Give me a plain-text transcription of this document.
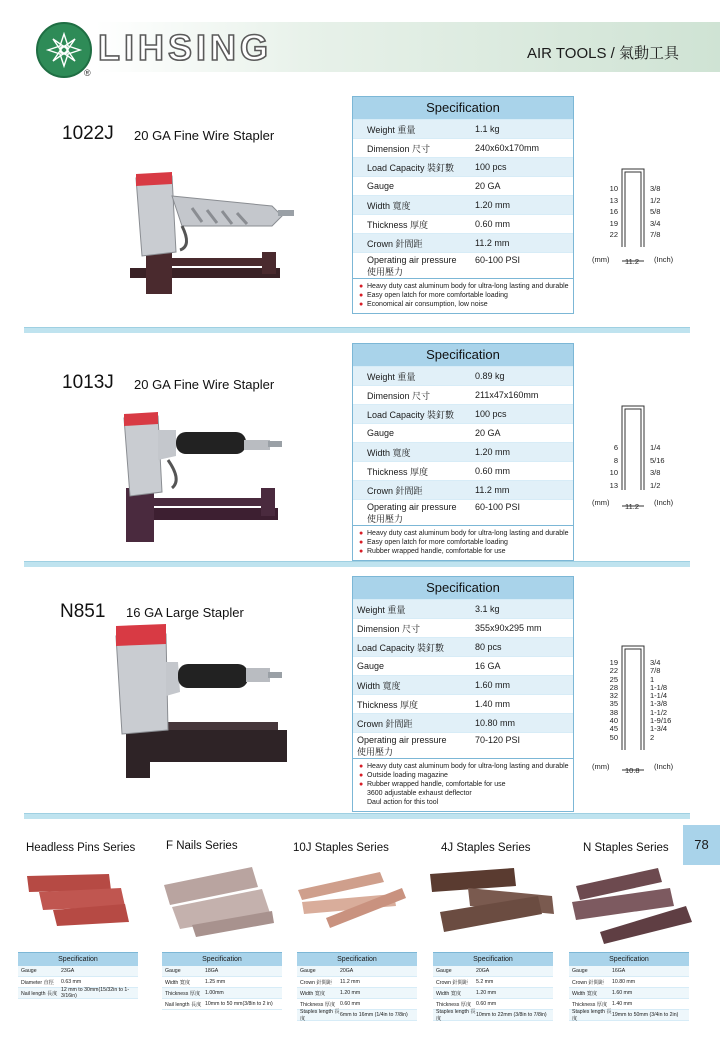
LIHSING
®
AIR TOOLS / 氣動工具
1022J 20 GA Fine Wire Stapler
Specification
Weight 重量	1.1 kg
Dimension 尺寸	240x60x170mm
Load Capacity 裝釘數	100 pcs
Gauge	20 GA
Width 寬度	1.20 mm
Thickness 厚度	0.60 mm
Crown 針間距	11.2 mm
Operating air pressure
使用壓力
60-100 PSI
● Heavy duty cast aluminum body for ultra-long lasting and durable
● Easy open latch for more comfortable loading
● Economical air consumption, low noise
10
13
16
19
22
3/8
1/2
5/8
3/4
7/8
(mm) 11.2 (Inch)
1013J 20 GA Fine Wire Stapler
Specification
Weight 重量	0.89 kg
Dimension 尺寸	211x47x160mm
Load Capacity 裝釘數	100 pcs
Gauge	20 GA
Width 寬度	1.20 mm
Thickness 厚度	0.60 mm
Crown 針間距	11.2 mm
Operating air pressure
使用壓力
60-100 PSI
● Heavy duty cast aluminum body for ultra-long lasting and durable
● Easy open latch for more comfortable loading
● Rubber wrapped handle, comfortable for use
6
8
10
13
1/4
5/16
3/8
1/2
(mm) 11.2 (Inch)
N851 16 GA Large Stapler
Specification
Weight 重量	3.1 kg
Dimension 尺寸	355x90x295 mm
Load Capacity 裝釘數	80 pcs
Gauge	16 GA
Width 寬度	1.60 mm
Thickness 厚度	1.40 mm
Crown 針間距	10.80 mm
Operating air pressure
使用壓力
70-120 PSI
● Heavy duty cast aluminum body for ultra-long lasting and durable
● Outside loading magazine
● Rubber wrapped handle, comfortable for use
3600 adjustable exhaust deflector
Daul action for this tool
19
22
25
28
32
35
38
40
45
50
3/4
7/8
1
1-1/8
1-1/4
1-3/8
1-1/2
1-9/16
1-3/4
2
(mm) 10.8 (Inch)
78
Headless Pins Series
Specification
Gauge	23GA
Diameter 直徑	0.63 mm
Nail length 長度
12 mm to 30mm(15/32in to 1-3/16in)
F Nails Series
Specification
Gauge	18GA
Width 寬度	1.25 mm
Thickness 厚度 1.00mm
Nail length 長度 10mm to 50 mm(3/8in to 2 in)
10J Staples Series
Specification
Gauge	20GA
Crown 針間距	11.2 mm
Width 寬度	1.20 mm
Thickness 厚度 0.60 mm
Staples length 長度
6mm to 16mm (1/4in to 7/8in)
4J Staples Series
Specification
Gauge	20GA
Crown 針間距	5.2 mm
Width 寬度	1.20 mm
Thickness 厚度 0.60 mm
Staples length 長度
10mm to 22mm (3/8in to 7/8in)
N Staples Series
Specification
Gauge	16GA
Crown 針間距	10.80 mm
Width 寬度	1.60 mm
Thickness 厚度 1.40 mm
Staples length 長度
19mm to 50mm (3/4in to 2in)
